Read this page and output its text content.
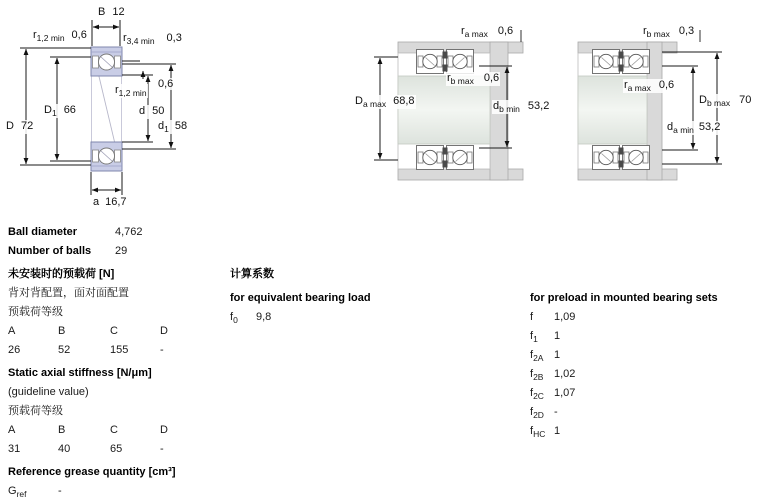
B 12
$r_{1,2 min}$ 0,6	$r_{3,4 min}$ 0,3
D 72
$D_1$ 66
$r_{1,2 min}$
0,6
d 50
$d_1$ 58
a 16,7
$r_{a max}$ 0,6
$D_{a max}$ 68,8
$r_{b max}$ 0,6
$d_{b min}$ 53,2
$r_{b max}$ 0,3
$r_{a max}$ 0,6
$D_{b max}$ 70
$d_{a min}$ 53,2
Ball diameter	4,762
Number of balls	29
未安装时的预载荷 [N]
背对背配置，面对面配置
预载荷等级
A	B	C	D
26	52	155	-
Static axial stiffness [N/μm]
(guideline value)
预载荷等级
A	B	C	D
31	40	65	-
Reference grease quantity [cm³]
$G_{ref}$	-
计算系数
for equivalent bearing load
$f_0$	9,8
for preload in mounted bearing sets
f	1,09
$f_1$	1
$f_{2A}$ 1
$f_{2B}$ 1,02
$f_{2C}$ 1,07
$f_{2D}$ -
$f_{HC}$ 1
